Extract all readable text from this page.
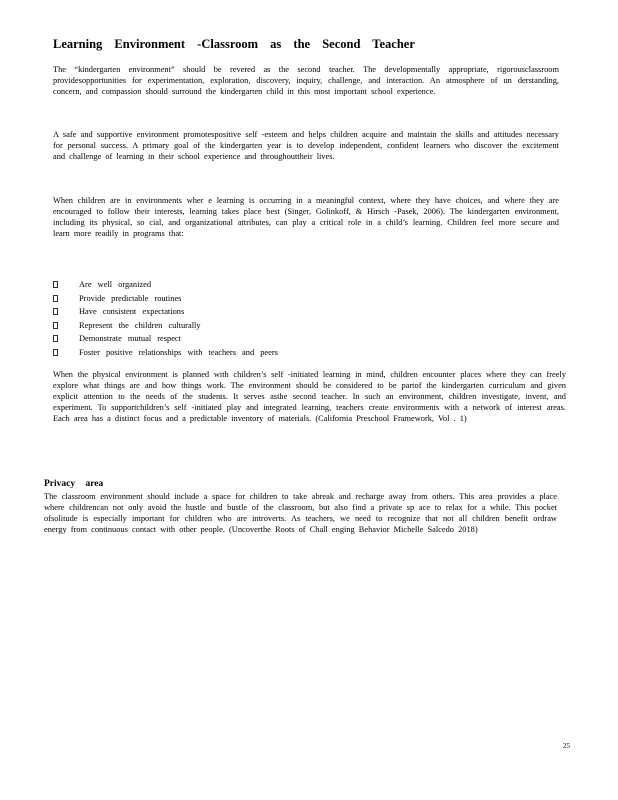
Learning Environment -Classroom as the Second Teacher

The “kindergarten environment” should be revered as the second teacher. The developmentally appropriate, rigorousclassroom providesopportunities for experimentation, exploration, discovery, inquiry, challenge, and interaction. An atmosphere of un derstanding, concern, and compassion should surround the kindergarten child in this most important school experience.

A safe and supportive environment promotespositive self -esteem and helps children acquire and maintain the skills and attitudes necessary for personal success. A primary goal of the kindergarten year is to develop independent, confident learners who discover the excitement and challenge of learning in their school experience and throughouttheir lives.

When children are in environments wher e learning is occurring in a meaningful context, where they have choices, and where they are encouraged to follow their interests, learning takes place best (Singer, Golinkoff, & Hirsch -Pasek, 2006). The kindergarten environment, including its physical, so cial, and organizational attributes, can play a critical role in a child’s learning. Children feel more secure and learn more readily in programs that:

Are well organized
Provide predictable routines
Have consistent expectations
Represent the children culturally
Demonstrate mutual respect
Foster positive relationships with teachers and peers

When the physical environment is planned with children’s self -initiated learning in mind, children encounter places where they can freely explore what things are and how things work. The environment should be considered to be partof the kindergarten curriculum and given explicit attention to the needs of the students. It serves asthe second teacher. In such an environment, children investigate, invent, and experiment. To supportchildren’s self -initiated play and integrated learning, teachers create environments with a network of interest areas. Each area has a distinct focus and a predictable inventory of materials. (California Preschool Framework, Vol . 1)

Privacy area

The classroom environment should include a space for children to take abreak and recharge away from others. This area provides a place where childrencan not only avoid the hustle and bustle of the classroom, but also find a private sp ace to relax for a while. This pocket ofsolitude is especially important for children who are introverts. As teachers, we need to recognize that not all children benefit ordraw energy from continuous contact with other people. (Uncoverthe Roots of Chall enging Behavior Michelle Salcedo 2018)

25
